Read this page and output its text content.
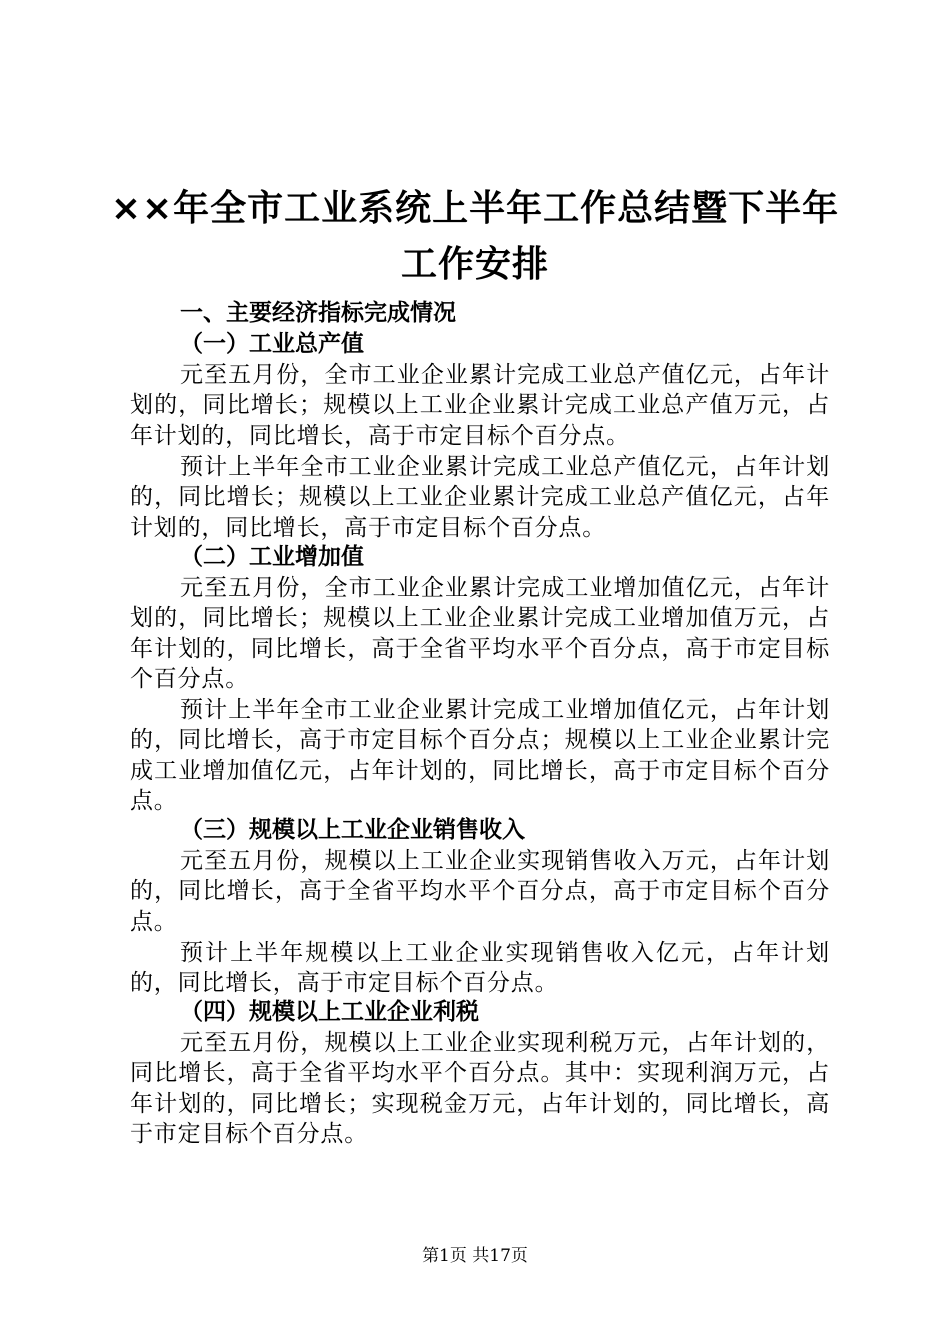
××年全市工业系统上半年工作总结暨下半年
工作安排
一、主要经济指标完成情况
（一）工业总产值

元至五月份，全市工业企业累计完成工业总产值亿元，占年计划的，同比增长；规模以上工业企业累计完成工业总产值万元，占年计划的，同比增长，高于市定目标个百分点。

预计上半年全市工业企业累计完成工业总产值亿元，占年计划的，同比增长；规模以上工业企业累计完成工业总产值亿元，占年计划的，同比增长，高于市定目标个百分点。

（二）工业增加值

元至五月份，全市工业企业累计完成工业增加值亿元，占年计划的，同比增长；规模以上工业企业累计完成工业增加值万元，占年计划的，同比增长，高于全省平均水平个百分点，高于市定目标个百分点。

预计上半年全市工业企业累计完成工业增加值亿元，占年计划的，同比增长，高于市定目标个百分点；规模以上工业企业累计完成工业增加值亿元，占年计划的，同比增长，高于市定目标个百分点。

（三）规模以上工业企业销售收入

元至五月份，规模以上工业企业实现销售收入万元，占年计划的，同比增长，高于全省平均水平个百分点，高于市定目标个百分点。

预计上半年规模以上工业企业实现销售收入亿元，占年计划的，同比增长，高于市定目标个百分点。

（四）规模以上工业企业利税

元至五月份，规模以上工业企业实现利税万元，占年计划的，同比增长，高于全省平均水平个百分点。其中：实现利润万元，占年计划的，同比增长；实现税金万元，占年计划的，同比增长，高于市定目标个百分点。

第1页 共17页
